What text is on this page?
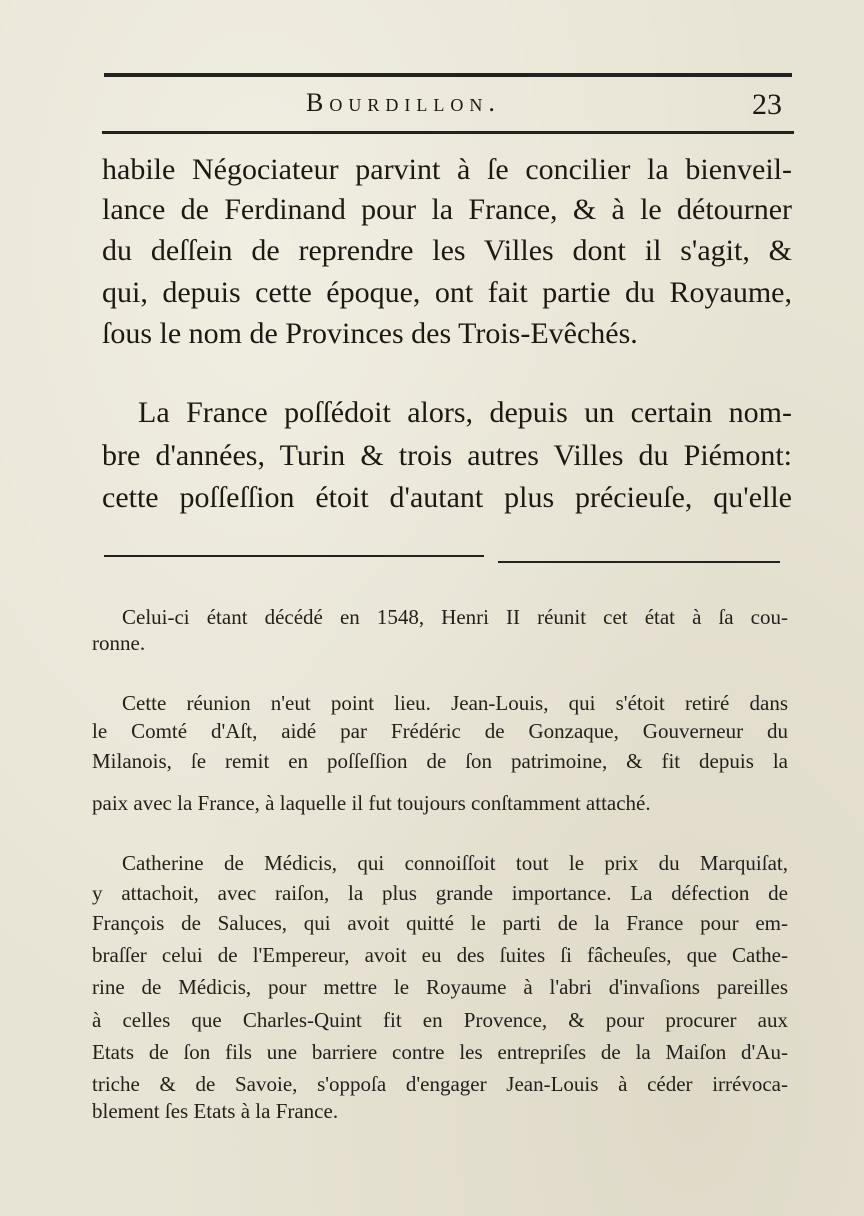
Bourdillon.	23
habile Négociateur parvint à ſe concilier la bienveil-
lance de Ferdinand pour la France, & à le détourner
du deſſein de reprendre les Villes dont il s'agit, &
qui, depuis cette époque, ont fait partie du Royaume,
ſous le nom de Provinces des Trois-Evêchés.
La France poſſédoit alors, depuis un certain nom-
bre d'années, Turin & trois autres Villes du Piémont:
cette poſſeſſion étoit d'autant plus précieuſe, qu'elle
Celui-ci étant décédé en 1548, Henri II réunit cet état à ſa cou-
ronne.
Cette réunion n'eut point lieu. Jean-Louis, qui s'étoit retiré dans
le Comté d'Aſt, aidé par Frédéric de Gonzaque, Gouverneur du
Milanois, ſe remit en poſſeſſion de ſon patrimoine, & fit depuis la
paix avec la France, à laquelle il fut toujours conſtamment attaché.
Catherine de Médicis, qui connoiſſoit tout le prix du Marquiſat,
y attachoit, avec raiſon, la plus grande importance. La défection de
François de Saluces, qui avoit quitté le parti de la France pour em-
braſſer celui de l'Empereur, avoit eu des ſuites ſi fâcheuſes, que Cathe-
rine de Médicis, pour mettre le Royaume à l'abri d'invaſions pareilles
à celles que Charles-Quint fit en Provence, & pour procurer aux
Etats de ſon fils une barriere contre les entrepriſes de la Maiſon d'Au-
triche & de Savoie, s'oppoſa d'engager Jean-Louis à céder irrévoca-
blement ſes Etats à la France.
